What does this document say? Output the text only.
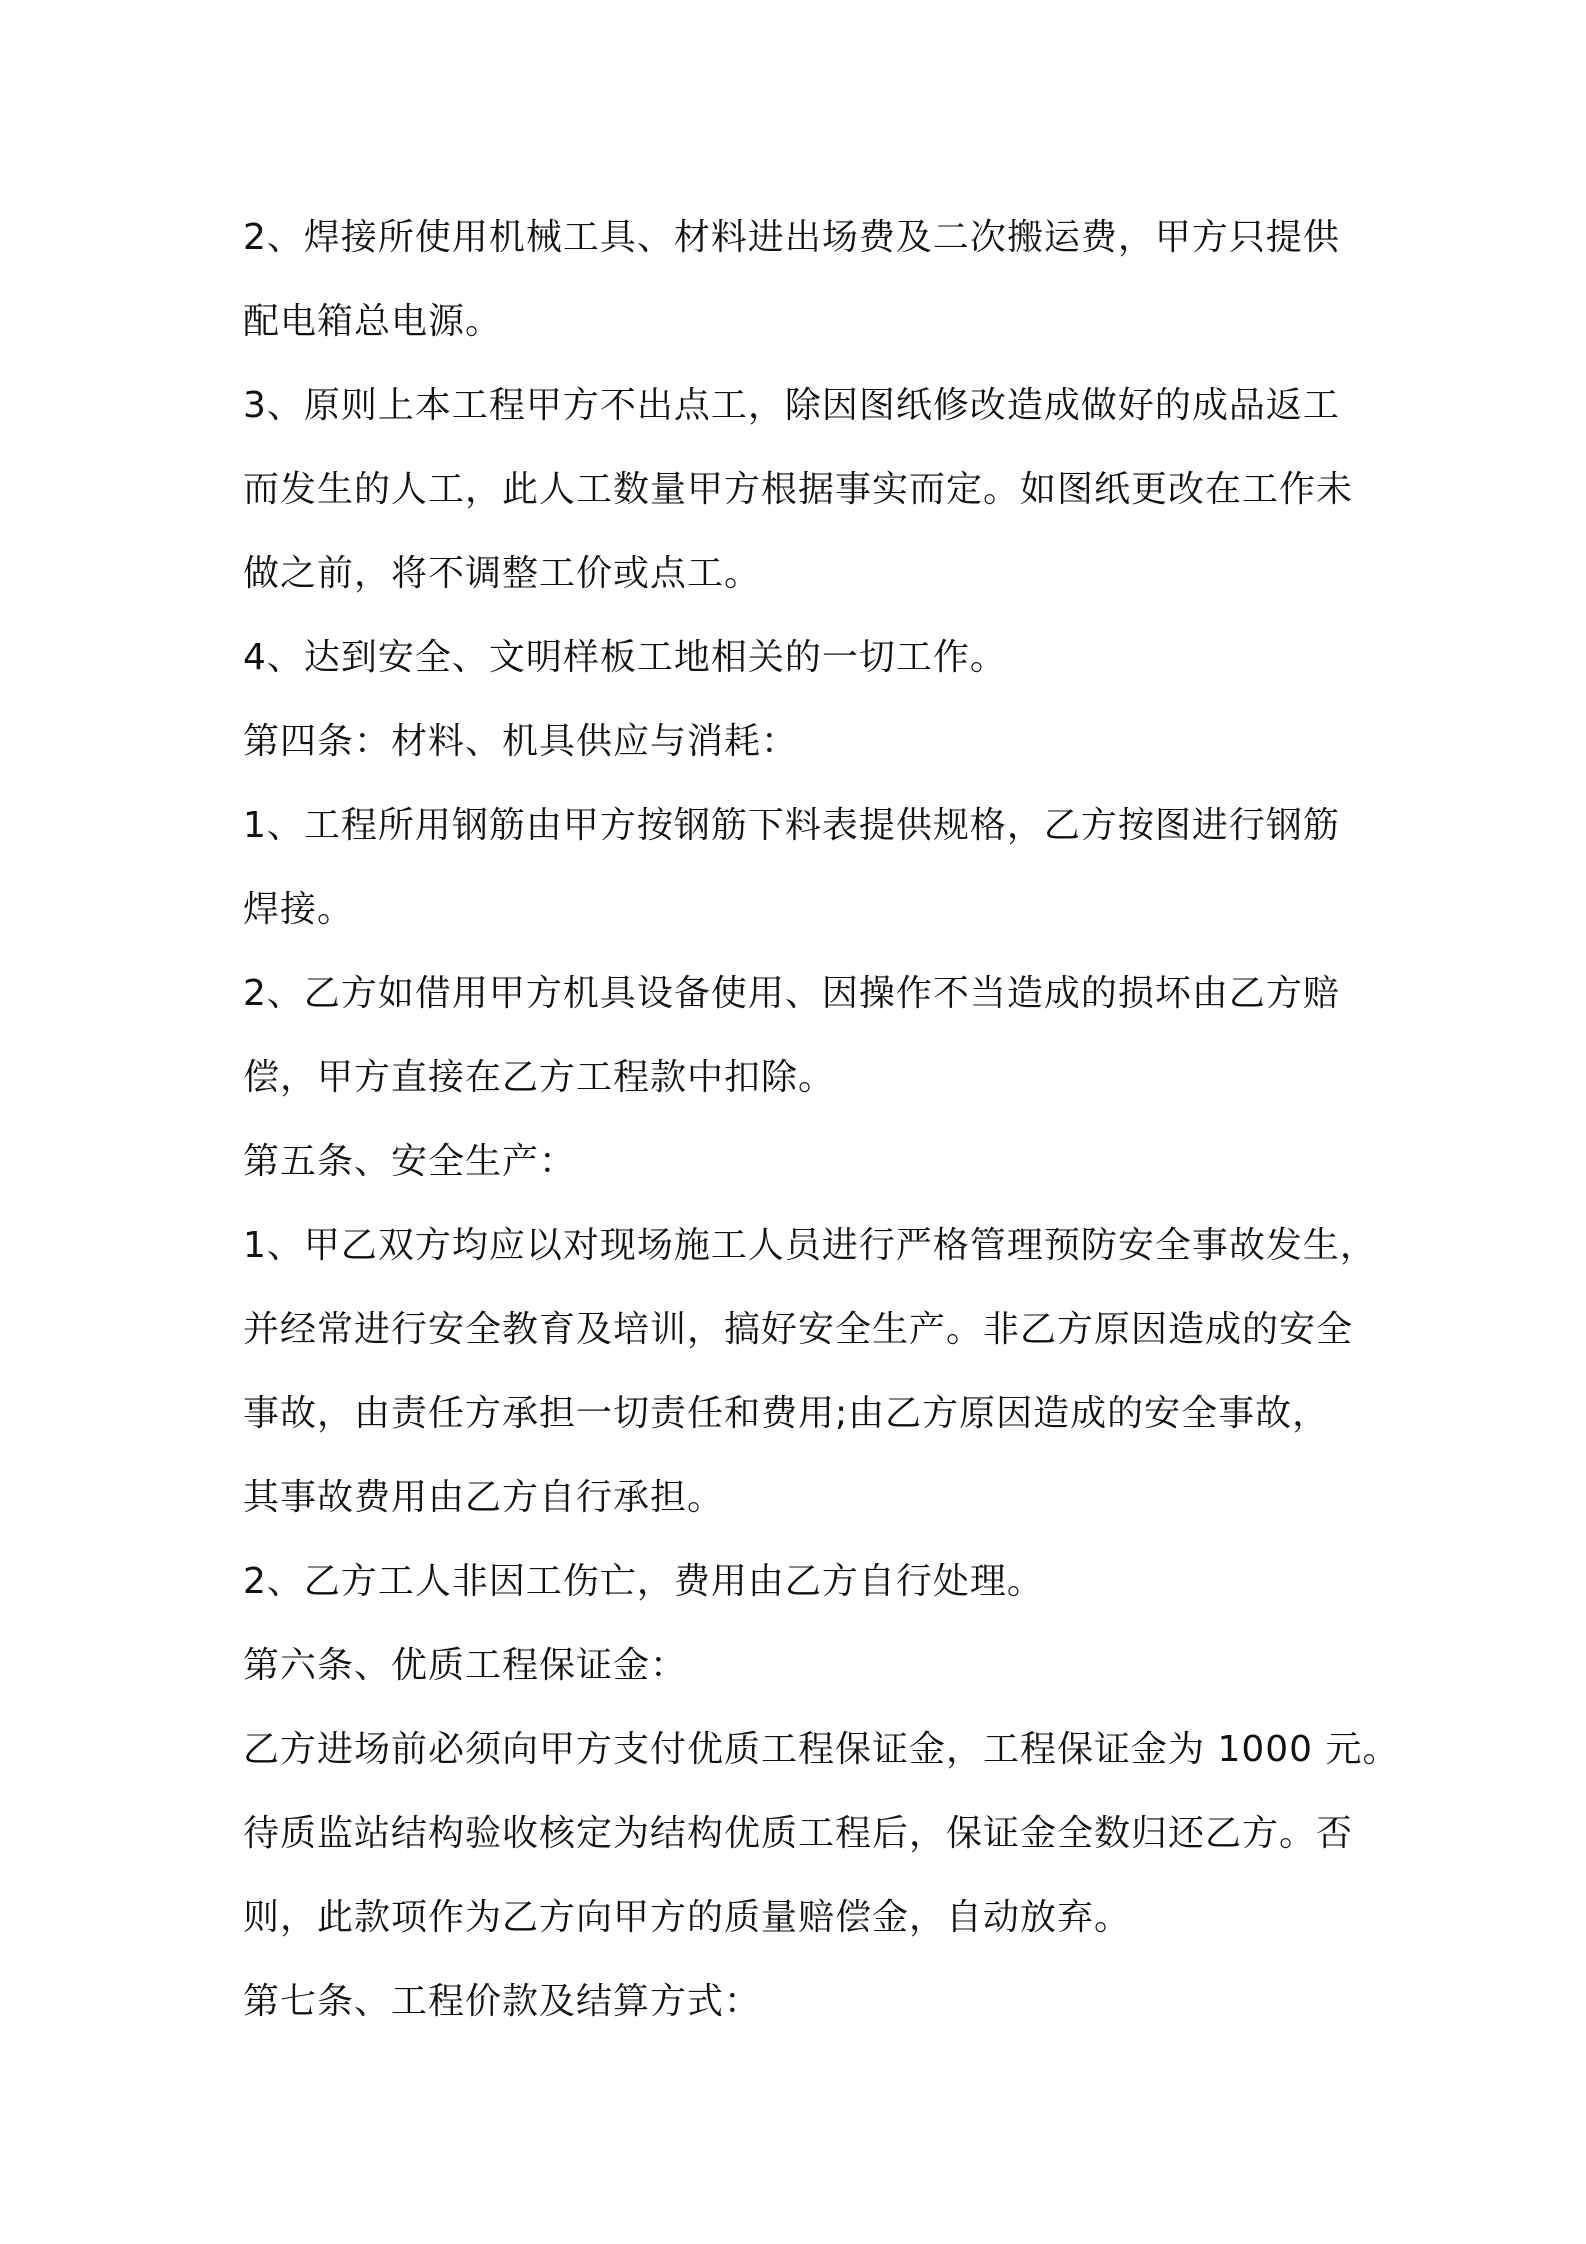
2、焊接所使用机械工具、材料进出场费及二次搬运费，甲方只提供
配电箱总电源。

3、原则上本工程甲方不出点工，除因图纸修改造成做好的成品返工
而发生的人工，此人工数量甲方根据事实而定。如图纸更改在工作未
做之前，将不调整工价或点工。

4、达到安全、文明样板工地相关的一切工作。

第四条：材料、机具供应与消耗：

1、工程所用钢筋由甲方按钢筋下料表提供规格，乙方按图进行钢筋
焊接。

2、乙方如借用甲方机具设备使用、因操作不当造成的损坏由乙方赔
偿，甲方直接在乙方工程款中扣除。

第五条、安全生产：

1、甲乙双方均应以对现场施工人员进行严格管理预防安全事故发生，
并经常进行安全教育及培训，搞好安全生产。非乙方原因造成的安全
事故，由责任方承担一切责任和费用;由乙方原因造成的安全事故，
其事故费用由乙方自行承担。

2、乙方工人非因工伤亡，费用由乙方自行处理。

第六条、优质工程保证金：

乙方进场前必须向甲方支付优质工程保证金，工程保证金为 1000 元。
待质监站结构验收核定为结构优质工程后，保证金全数归还乙方。否
则，此款项作为乙方向甲方的质量赔偿金，自动放弃。

第七条、工程价款及结算方式：
